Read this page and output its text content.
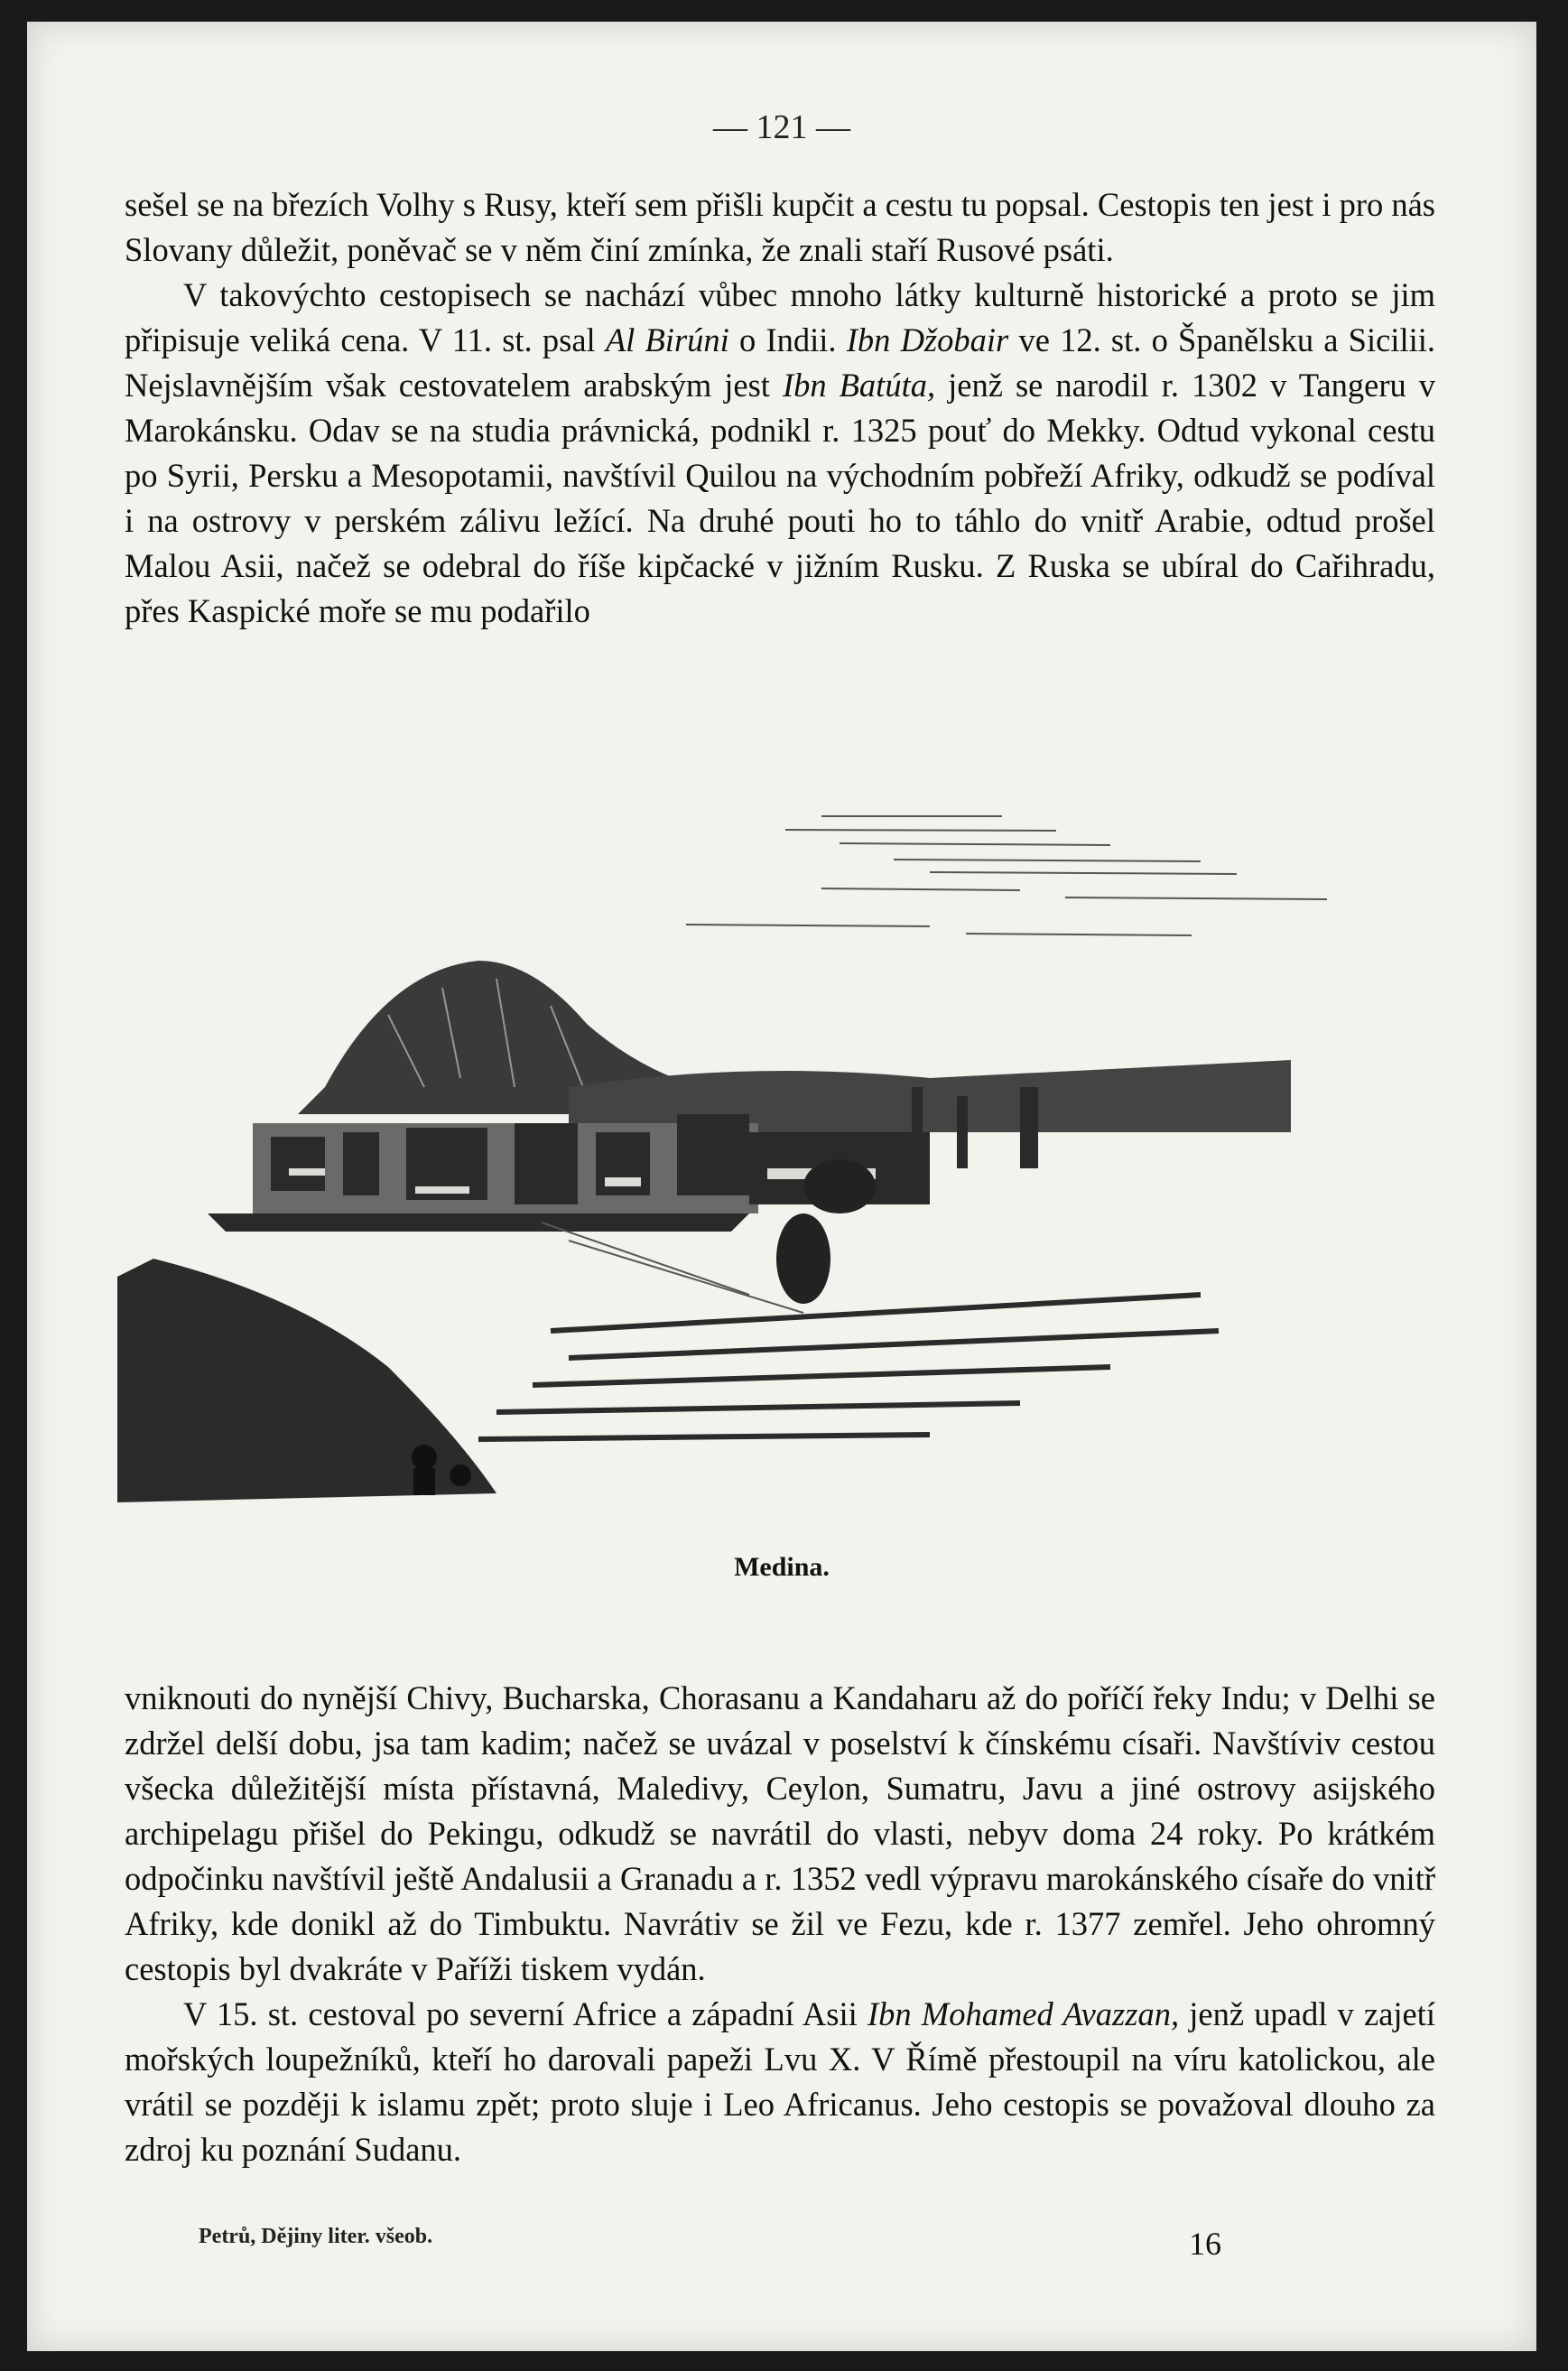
— 121 —

sešel se na březích Volhy s Rusy, kteří sem přišli kupčit a cestu tu popsal. Cestopis ten jest i pro nás Slovany důležit, poněvač se v něm činí zmínka, že znali staří Rusové psáti.

V takovýchto cestopisech se nachází vůbec mnoho látky kulturně historické a proto se jim připisuje veliká cena. V 11. st. psal Al Birúni o Indii. Ibn Džobair ve 12. st. o Španělsku a Sicilii. Nejslavnějším však cestovatelem arabským jest Ibn Batúta, jenž se narodil r. 1302 v Tangeru v Marokánsku. Odav se na studia právnická, podnikl r. 1325 pouť do Mekky. Odtud vykonal cestu po Syrii, Persku a Mesopotamii, navštívil Quilou na východním pobřeží Afriky, odkudž se podíval i na ostrovy v perském zálivu ležící. Na druhé pouti ho to táhlo do vnitř Arabie, odtud prošel Malou Asii, načež se odebral do říše kipčacké v jižním Rusku. Z Ruska se ubíral do Cařihradu, přes Kaspické moře se mu podařilo

Medina.

vniknouti do nynější Chivy, Bucharska, Chorasanu a Kandaharu až do poříčí řeky Indu; v Delhi se zdržel delší dobu, jsa tam kadim; načež se uvázal v poselství k čínskému císaři. Navštíviv cestou všecka důležitější místa přístavná, Maledivy, Ceylon, Sumatru, Javu a jiné ostrovy asijského archipelagu přišel do Pekingu, odkudž se navrátil do vlasti, nebyv doma 24 roky. Po krátkém odpočinku navštívil ještě Andalusii a Granadu a r. 1352 vedl výpravu marokánského císaře do vnitř Afriky, kde donikl až do Timbuktu. Navrátiv se žil ve Fezu, kde r. 1377 zemřel. Jeho ohromný cestopis byl dvakráte v Paříži tiskem vydán.

V 15. st. cestoval po severní Africe a západní Asii Ibn Mohamed Avazzan, jenž upadl v zajetí mořských loupežníků, kteří ho darovali papeži Lvu X. V Římě přestoupil na víru katolickou, ale vrátil se později k islamu zpět; proto sluje i Leo Africanus. Jeho cestopis se považoval dlouho za zdroj ku poznání Sudanu.

Petrů, Dějiny liter. všeob.	16
